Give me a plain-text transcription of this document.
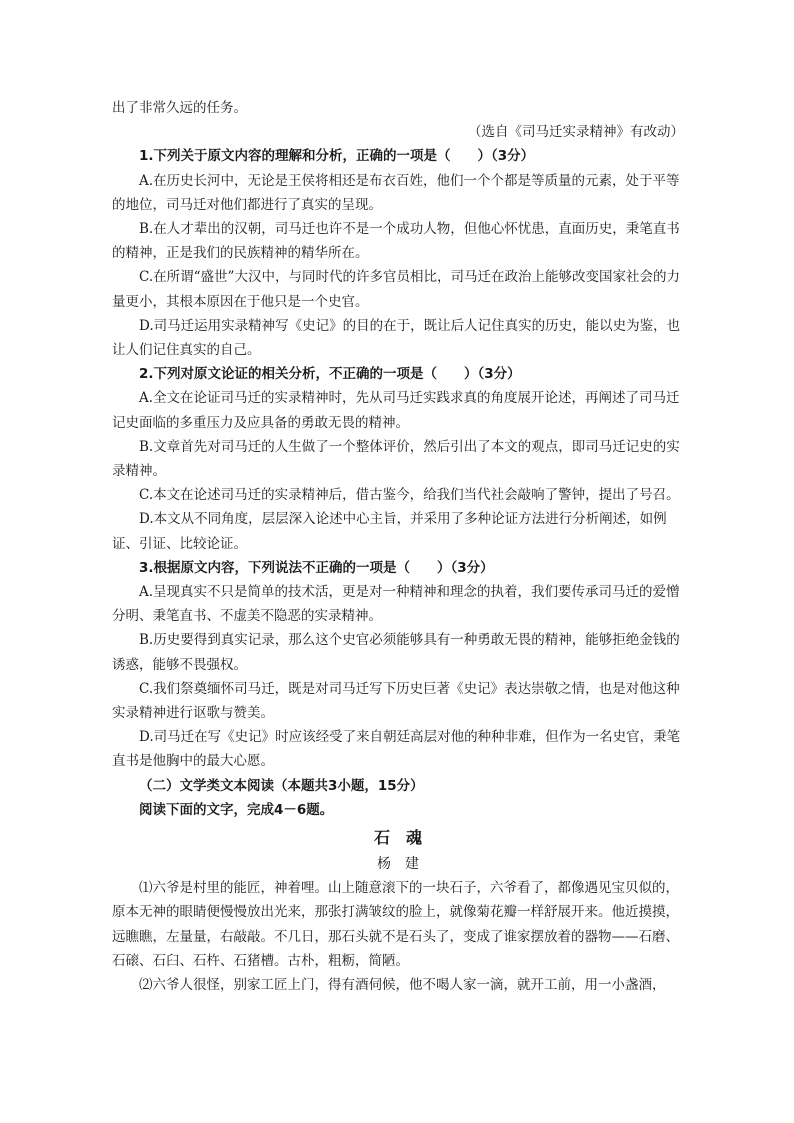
出了非常久远的任务。

（选自《司马迁实录精神》有改动）

1.下列关于原文内容的理解和分析，正确的一项是（　　）（3分）

A.在历史长河中，无论是王侯将相还是布衣百姓，他们一个个都是等质量的元素，处于平等的地位，司马迁对他们都进行了真实的呈现。

B.在人才辈出的汉朝，司马迁也许不是一个成功人物，但他心怀忧患，直面历史，秉笔直书的精神，正是我们的民族精神的精华所在。

C.在所谓“盛世”大汉中，与同时代的许多官员相比，司马迁在政治上能够改变国家社会的力量更小，其根本原因在于他只是一个史官。

D.司马迁运用实录精神写《史记》的目的在于，既让后人记住真实的历史，能以史为鉴，也让人们记住真实的自己。

2.下列对原文论证的相关分析，不正确的一项是（　　）（3分）

A.全文在论证司马迁的实录精神时，先从司马迁实践求真的角度展开论述，再阐述了司马迁记史面临的多重压力及应具备的勇敢无畏的精神。

B.文章首先对司马迁的人生做了一个整体评价，然后引出了本文的观点，即司马迁记史的实录精神。

C.本文在论述司马迁的实录精神后，借古鉴今，给我们当代社会敲响了警钟，提出了号召。

D.本文从不同角度，层层深入论述中心主旨，并采用了多种论证方法进行分析阐述，如例证、引证、比较论证。

3.根据原文内容，下列说法不正确的一项是（　　）（3分）

A.呈现真实不只是简单的技术活，更是对一种精神和理念的执着，我们要传承司马迁的爱憎分明、秉笔直书、不虚美不隐恶的实录精神。

B.历史要得到真实记录，那么这个史官必须能够具有一种勇敢无畏的精神，能够拒绝金钱的诱惑，能够不畏强权。

C.我们祭奠缅怀司马迁，既是对司马迁写下历史巨著《史记》表达崇敬之情，也是对他这种实录精神进行讴歌与赞美。

D.司马迁在写《史记》时应该经受了来自朝廷高层对他的种种非难，但作为一名史官，秉笔直书是他胸中的最大心愿。

（二）文学类文本阅读（本题共3小题，15分）

阅读下面的文字，完成4－6题。

石　魂

杨　建

⑴六爷是村里的能匠，神着哩。山上随意滚下的一块石子，六爷看了，都像遇见宝贝似的，原本无神的眼睛便慢慢放出光来，那张打满皱纹的脸上，就像菊花瓣一样舒展开来。他近摸摸，远瞧瞧，左量量，右敲敲。不几日，那石头就不是石头了，变成了谁家摆放着的器物——石磨、石磙、石臼、石杵、石猪槽。古朴，粗粝，简陋。

⑵六爷人很怪，别家工匠上门，得有酒伺候，他不喝人家一滴，就开工前，用一小盏酒，
